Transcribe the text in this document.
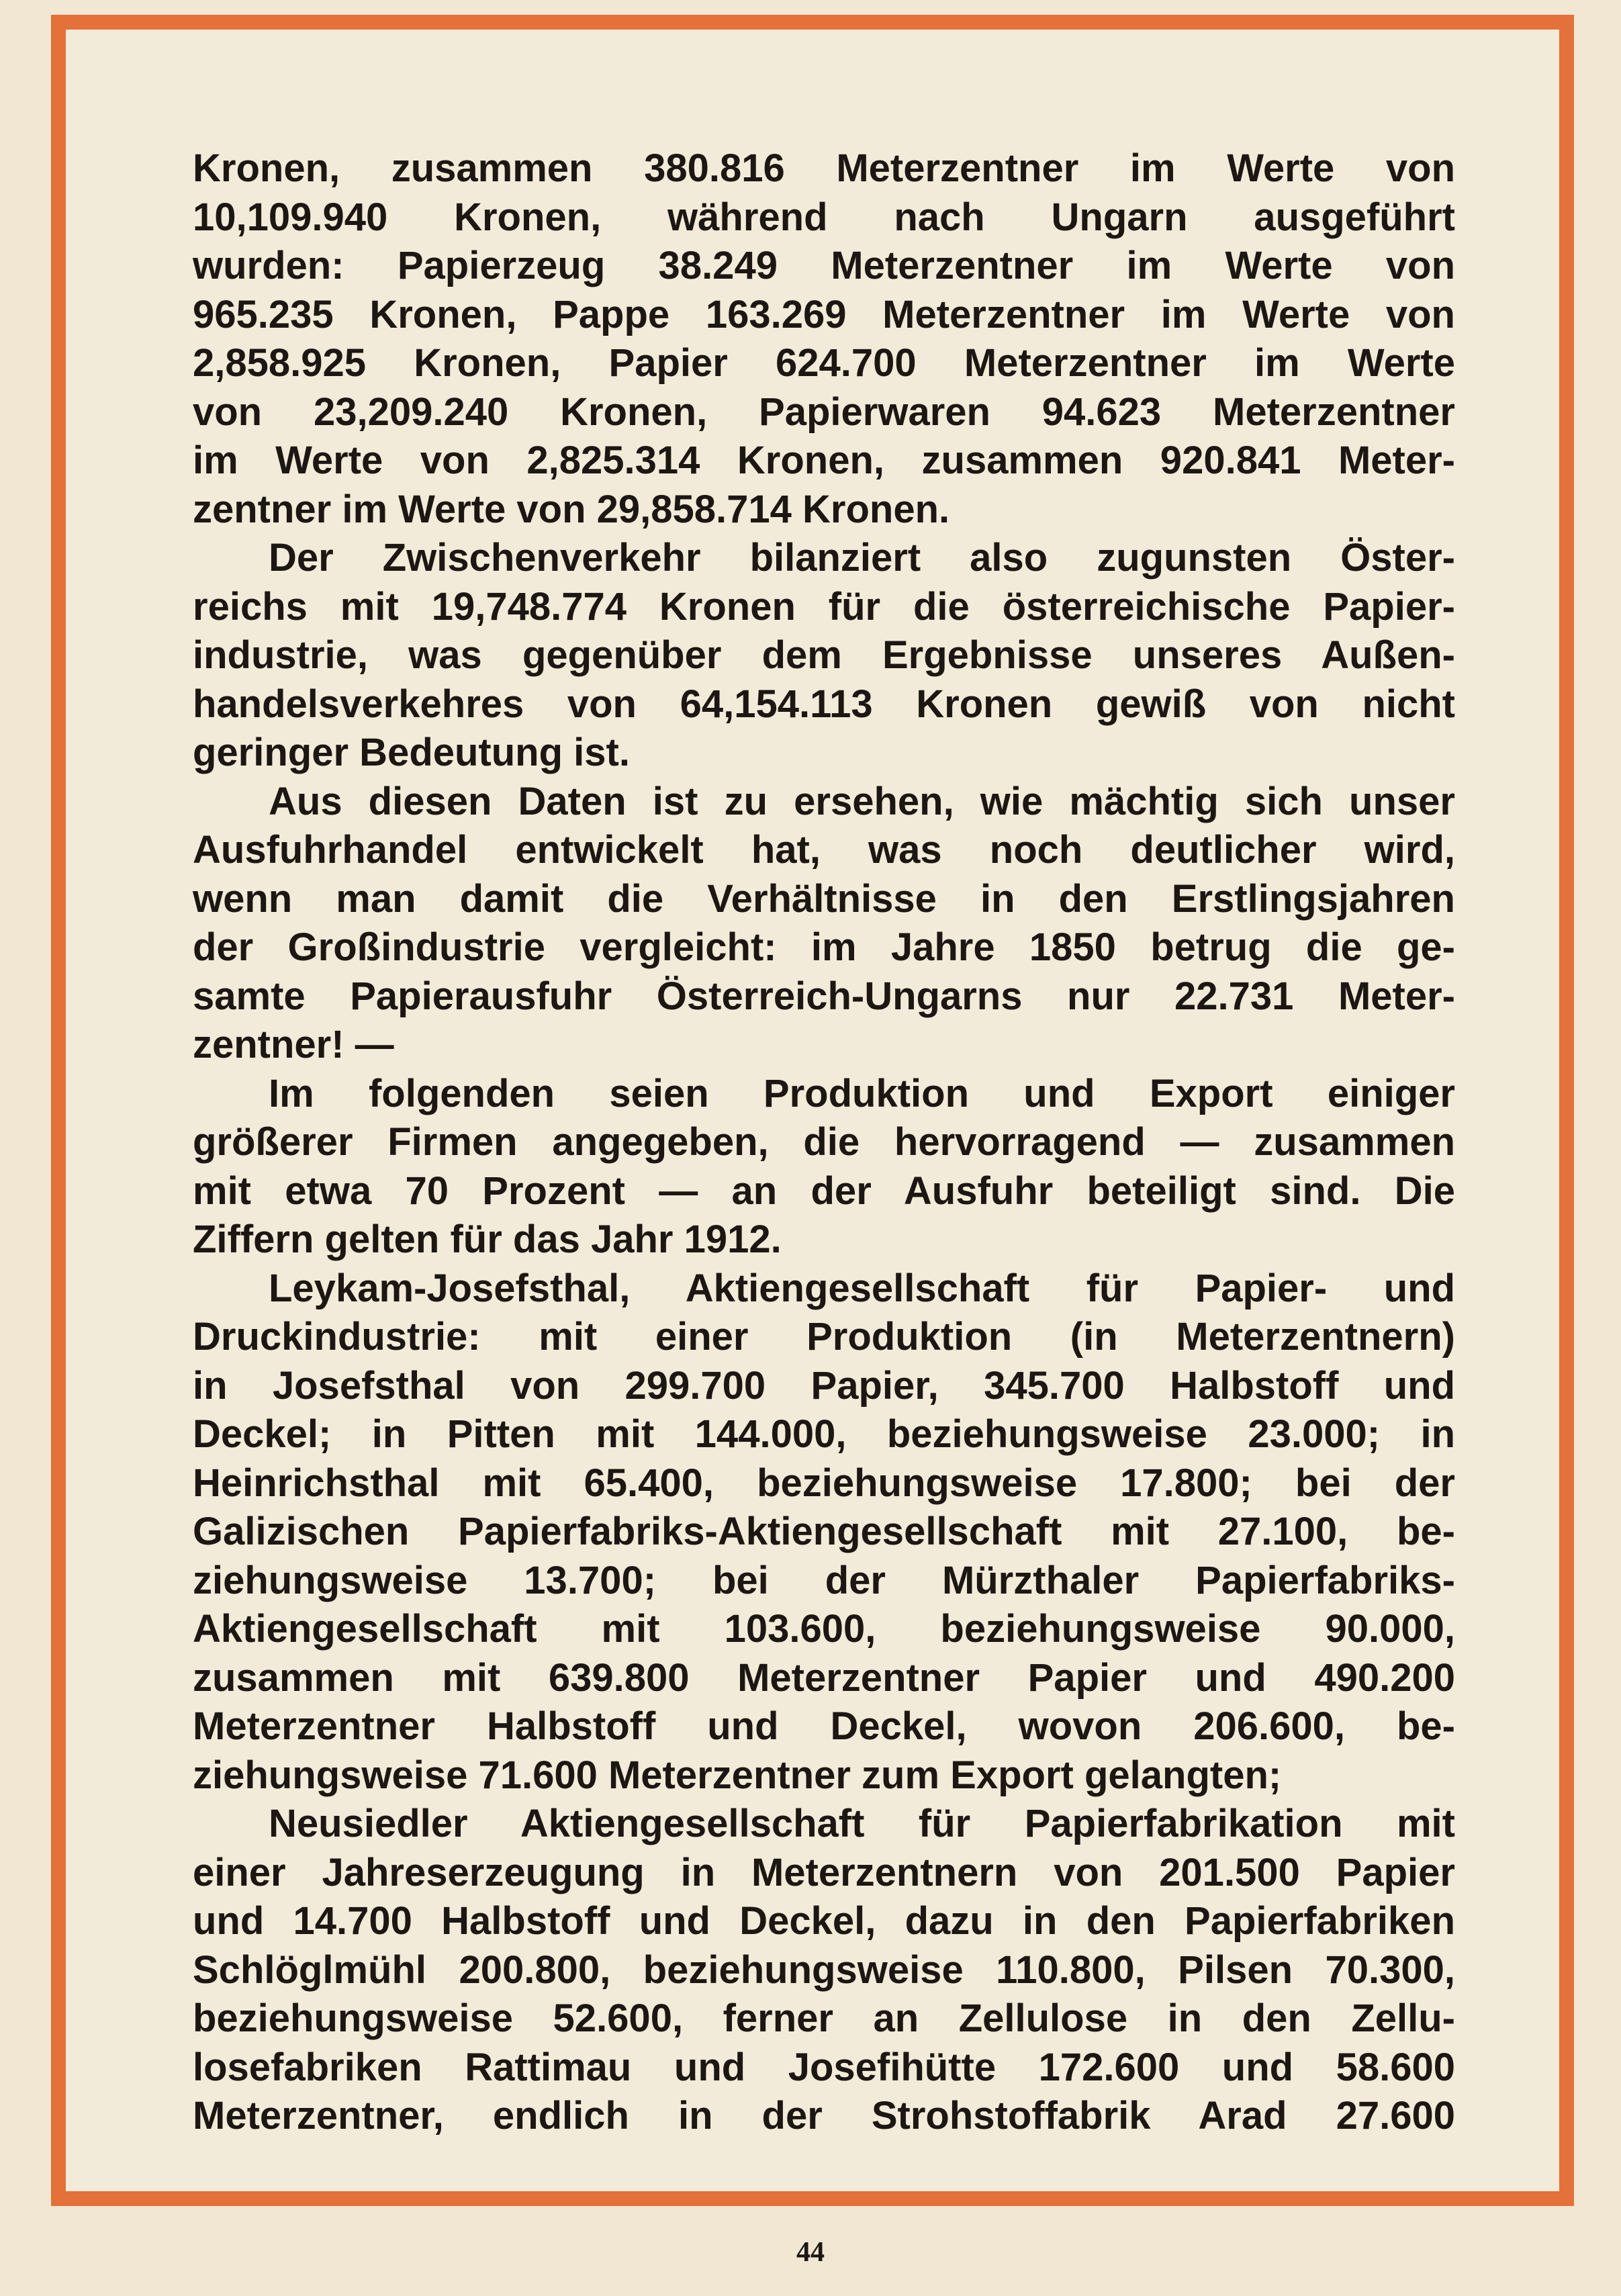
Kronen, zusammen 380.816 Meterzentner im Werte von
10,109.940 Kronen, während nach Ungarn ausgeführt
wurden: Papierzeug 38.249 Meterzentner im Werte von
965.235 Kronen, Pappe 163.269 Meterzentner im Werte von
2,858.925 Kronen, Papier 624.700 Meterzentner im Werte
von 23,209.240 Kronen, Papierwaren 94.623 Meterzentner
im Werte von 2,825.314 Kronen, zusammen 920.841 Meter-
zentner im Werte von 29,858.714 Kronen.
Der Zwischenverkehr bilanziert also zugunsten Öster-
reichs mit 19,748.774 Kronen für die österreichische Papier-
industrie, was gegenüber dem Ergebnisse unseres Außen-
handelsverkehres von 64,154.113 Kronen gewiß von nicht
geringer Bedeutung ist.
Aus diesen Daten ist zu ersehen, wie mächtig sich unser
Ausfuhrhandel entwickelt hat, was noch deutlicher wird,
wenn man damit die Verhältnisse in den Erstlingsjahren
der Großindustrie vergleicht: im Jahre 1850 betrug die ge-
samte Papierausfuhr Österreich-Ungarns nur 22.731 Meter-
zentner! —
Im folgenden seien Produktion und Export einiger
größerer Firmen angegeben, die hervorragend — zusammen
mit etwa 70 Prozent — an der Ausfuhr beteiligt sind. Die
Ziffern gelten für das Jahr 1912.
Leykam-Josefsthal, Aktiengesellschaft für Papier- und
Druckindustrie: mit einer Produktion (in Meterzentnern)
in Josefsthal von 299.700 Papier, 345.700 Halbstoff und
Deckel; in Pitten mit 144.000, beziehungsweise 23.000; in
Heinrichsthal mit 65.400, beziehungsweise 17.800; bei der
Galizischen Papierfabriks-Aktiengesellschaft mit 27.100, be-
ziehungsweise 13.700; bei der Mürzthaler Papierfabriks-
Aktiengesellschaft mit 103.600, beziehungsweise 90.000,
zusammen mit 639.800 Meterzentner Papier und 490.200
Meterzentner Halbstoff und Deckel, wovon 206.600, be-
ziehungsweise 71.600 Meterzentner zum Export gelangten;
Neusiedler Aktiengesellschaft für Papierfabrikation mit
einer Jahreserzeugung in Meterzentnern von 201.500 Papier
und 14.700 Halbstoff und Deckel, dazu in den Papierfabriken
Schlöglmühl 200.800, beziehungsweise 110.800, Pilsen 70.300,
beziehungsweise 52.600, ferner an Zellulose in den Zellu-
losefabriken Rattimau und Josefihütte 172.600 und 58.600
Meterzentner, endlich in der Strohstoffabrik Arad 27.600
44
